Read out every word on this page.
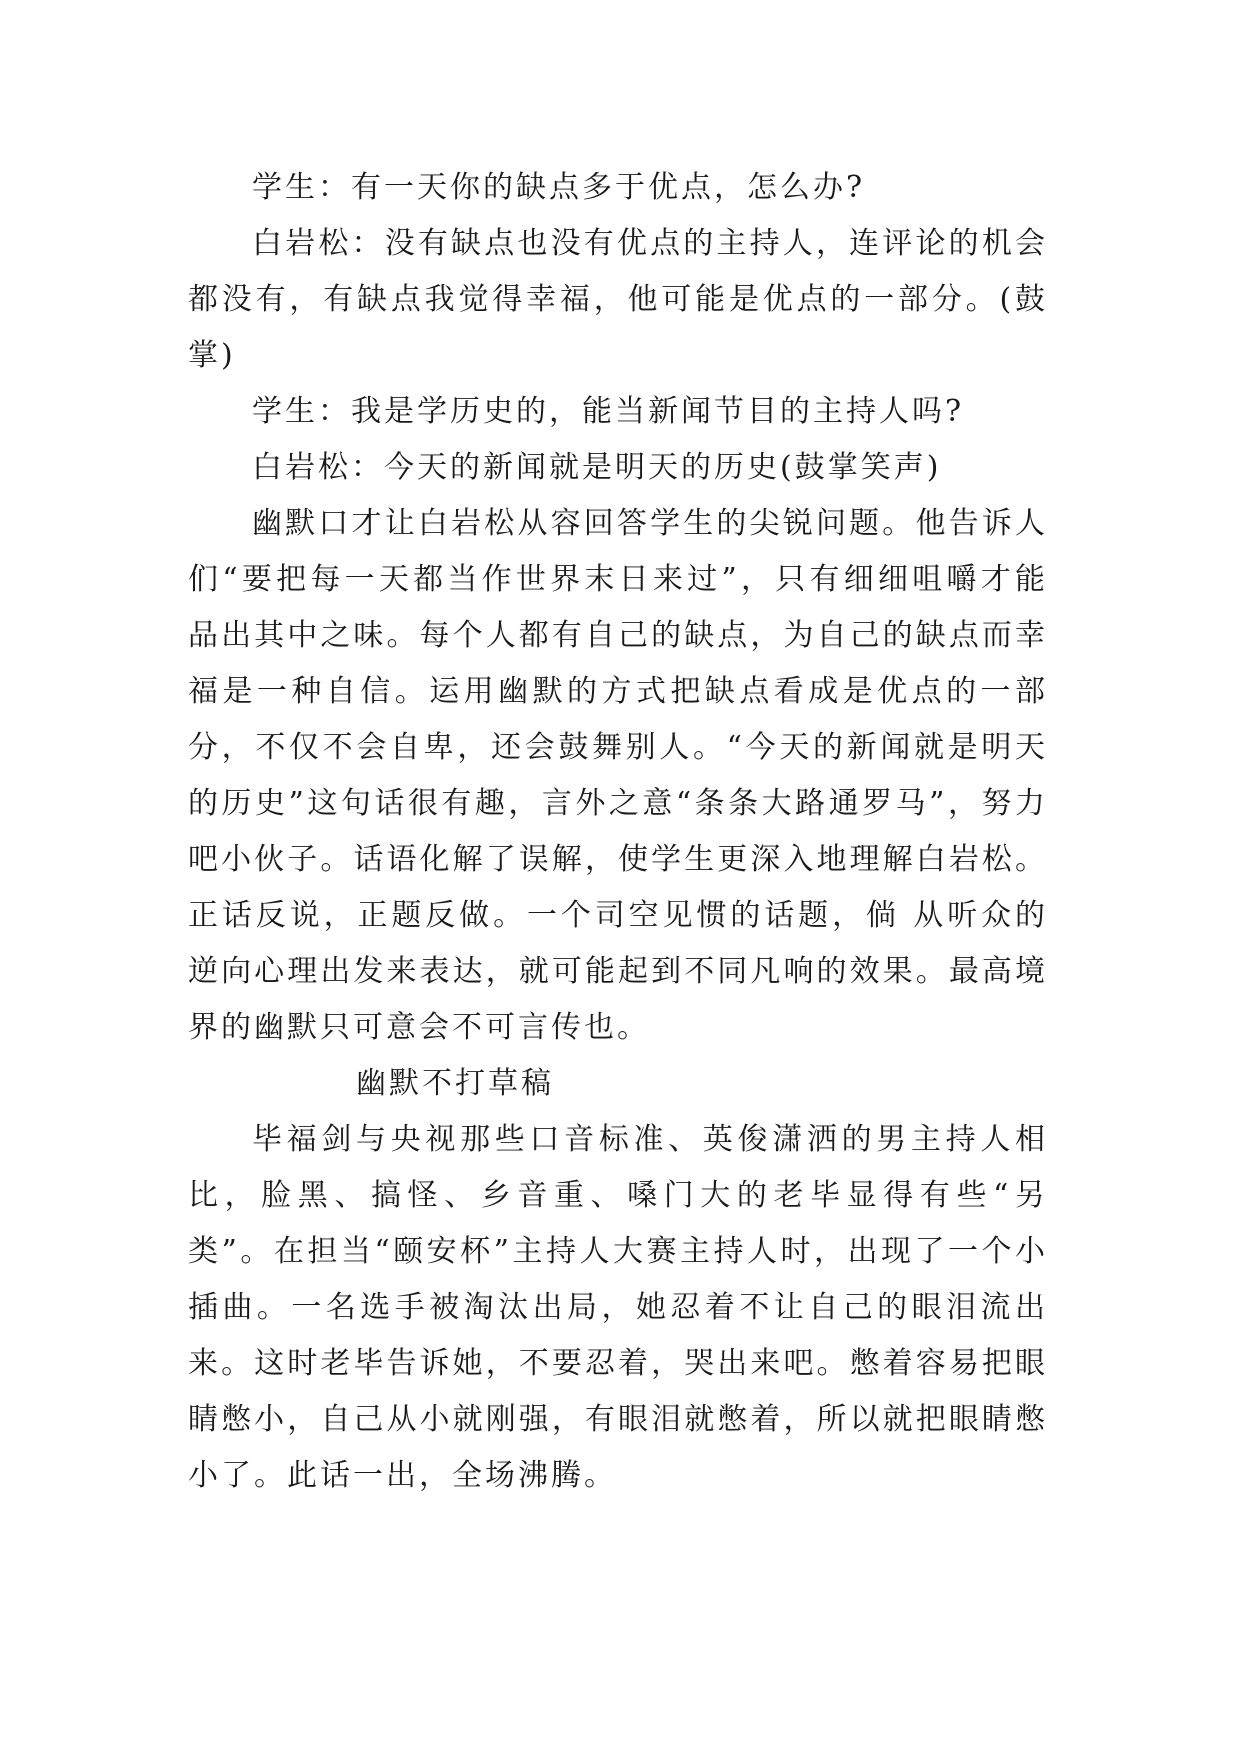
学生：有一天你的缺点多于优点，怎么办?

白岩松：没有缺点也没有优点的主持人，连评论的机会都没有，有缺点我觉得幸福，他可能是优点的一部分。(鼓掌)

学生：我是学历史的，能当新闻节目的主持人吗?

白岩松：今天的新闻就是明天的历史(鼓掌笑声)

幽默口才让白岩松从容回答学生的尖锐问题。他告诉人们“要把每一天都当作世界末日来过”，只有细细咀嚼才能品出其中之味。每个人都有自己的缺点，为自己的缺点而幸福是一种自信。运用幽默的方式把缺点看成是优点的一部分，不仅不会自卑，还会鼓舞别人。“今天的新闻就是明天的历史”这句话很有趣，言外之意“条条大路通罗马”，努力吧小伙子。话语化解了误解，使学生更深入地理解白岩松。正话反说，正题反做。一个司空见惯的话题，倘 从听众的逆向心理出发来表达，就可能起到不同凡响的效果。最高境界的幽默只可意会不可言传也。

幽默不打草稿

毕福剑与央视那些口音标准、英俊潇洒的男主持人相比，脸黑、搞怪、乡音重、嗓门大的老毕显得有些“另类”。在担当“颐安杯”主持人大赛主持人时，出现了一个小插曲。一名选手被淘汰出局，她忍着不让自己的眼泪流出来。这时老毕告诉她，不要忍着，哭出来吧。憋着容易把眼睛憋小，自己从小就刚强，有眼泪就憋着，所以就把眼睛憋小了。此话一出，全场沸腾。
